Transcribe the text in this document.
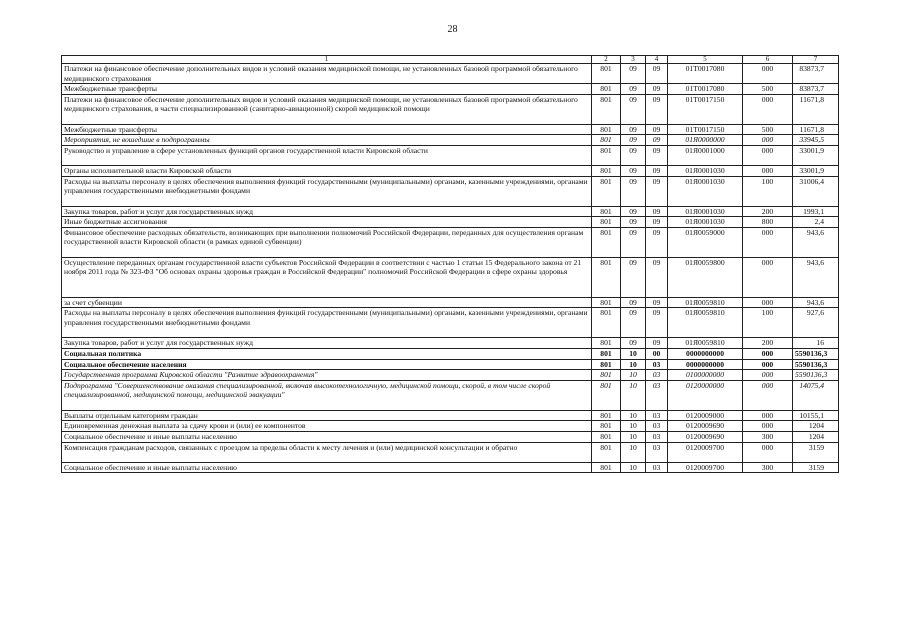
28
1	2	3	4	5	6	7
Платежи на финансовое обеспечение дополнительных видов и условий оказания медицинской помощи, не установленных базовой программой обязательного медицинского страхования	801	09	09	01Т0017080	000	83873,7
Межбюджетные трансферты	801	09	09	01Т0017080	500	83873,7
Платежи на финансовое обеспечение дополнительных видов и условий оказания медицинской помощи, не установленных базовой программой обязательного медицинского страхования, в части специализированной (санитарно-авиационной) скорой медицинской помощи	801	09	09	01Т0017150	000	11671,8
Межбюджетные трансферты	801	09	09	01Т0017150	500	11671,8
Мероприятия, не вошедшие в подпрограммы	801	09	09	01Я0000000	000	33945,5
Руководство и управление в сфере установленных функций органов государственной власти Кировской области	801	09	09	01Я0001000	000	33001,9
Органы исполнительной власти Кировской области	801	09	09	01Я0001030	000	33001,9
Расходы на выплаты персоналу в целях обеспечения выполнения функций государственными (муниципальными) органами, казенными учреждениями, органами управления государственными внебюджетными фондами	801	09	09	01Я0001030	100	31006,4
Закупка товаров, работ и услуг для государственных нужд	801	09	09	01Я0001030	200	1993,1
Иные бюджетные ассигнования	801	09	09	01Я0001030	800	2,4
Финансовое обеспечение расходных обязательств, возникающих при выполнении полномочий Российской Федерации, переданных для осуществления органам государственной власти Кировской области (в рамках единой субвенции)	801	09	09	01Я0059000	000	943,6
Осуществление переданных органам государственной власти субъектов Российской Федерации в соответствии с частью 1 статьи 15 Федерального закона от 21 ноября 2011 года № 323-ФЗ "Об основах охраны здоровья граждан в Российской Федерации" полномочий Российской Федерации в сфере охраны здоровья	801	09	09	01Я0059800	000	943,6
за счет субвенции	801	09	09	01Я0059810	000	943,6
Расходы на выплаты персоналу в целях обеспечения выполнения функций государственными (муниципальными) органами, казенными учреждениями, органами управления государственными внебюджетными фондами	801	09	09	01Я0059810	100	927,6
Закупка товаров, работ и услуг для государственных нужд	801	09	09	01Я0059810	200	16
Социальная политика	801	10	00	0000000000	000	5590136,3
Социальное обеспечение населения	801	10	03	0000000000	000	5590136,3
Государственная программа Кировской области "Развитие здравоохранения"	801	10	03	0100000000	000	5590136,3
Подпрограмма "Совершенствование оказания специализированной, включая высокотехнологичную, медицинской помощи, скорой, в том числе скорой специализированной, медицинской помощи, медицинской эвакуации"	801	10	03	0120000000	000	14075,4
Выплаты отдельным категориям граждан	801	10	03	0120009000	000	10155,1
Единовременная денежная выплата за сдачу крови и (или) ее компонентов	801	10	03	0120009690	000	1204
Социальное обеспечение и иные выплаты населению	801	10	03	0120009690	300	1204
Компенсация гражданам расходов, связанных с проездом за пределы области к месту лечения и (или) медицинской консультации и обратно	801	10	03	0120009700	000	3159
Социальное обеспечение и иные выплаты населению	801	10	03	0120009700	300	3159
